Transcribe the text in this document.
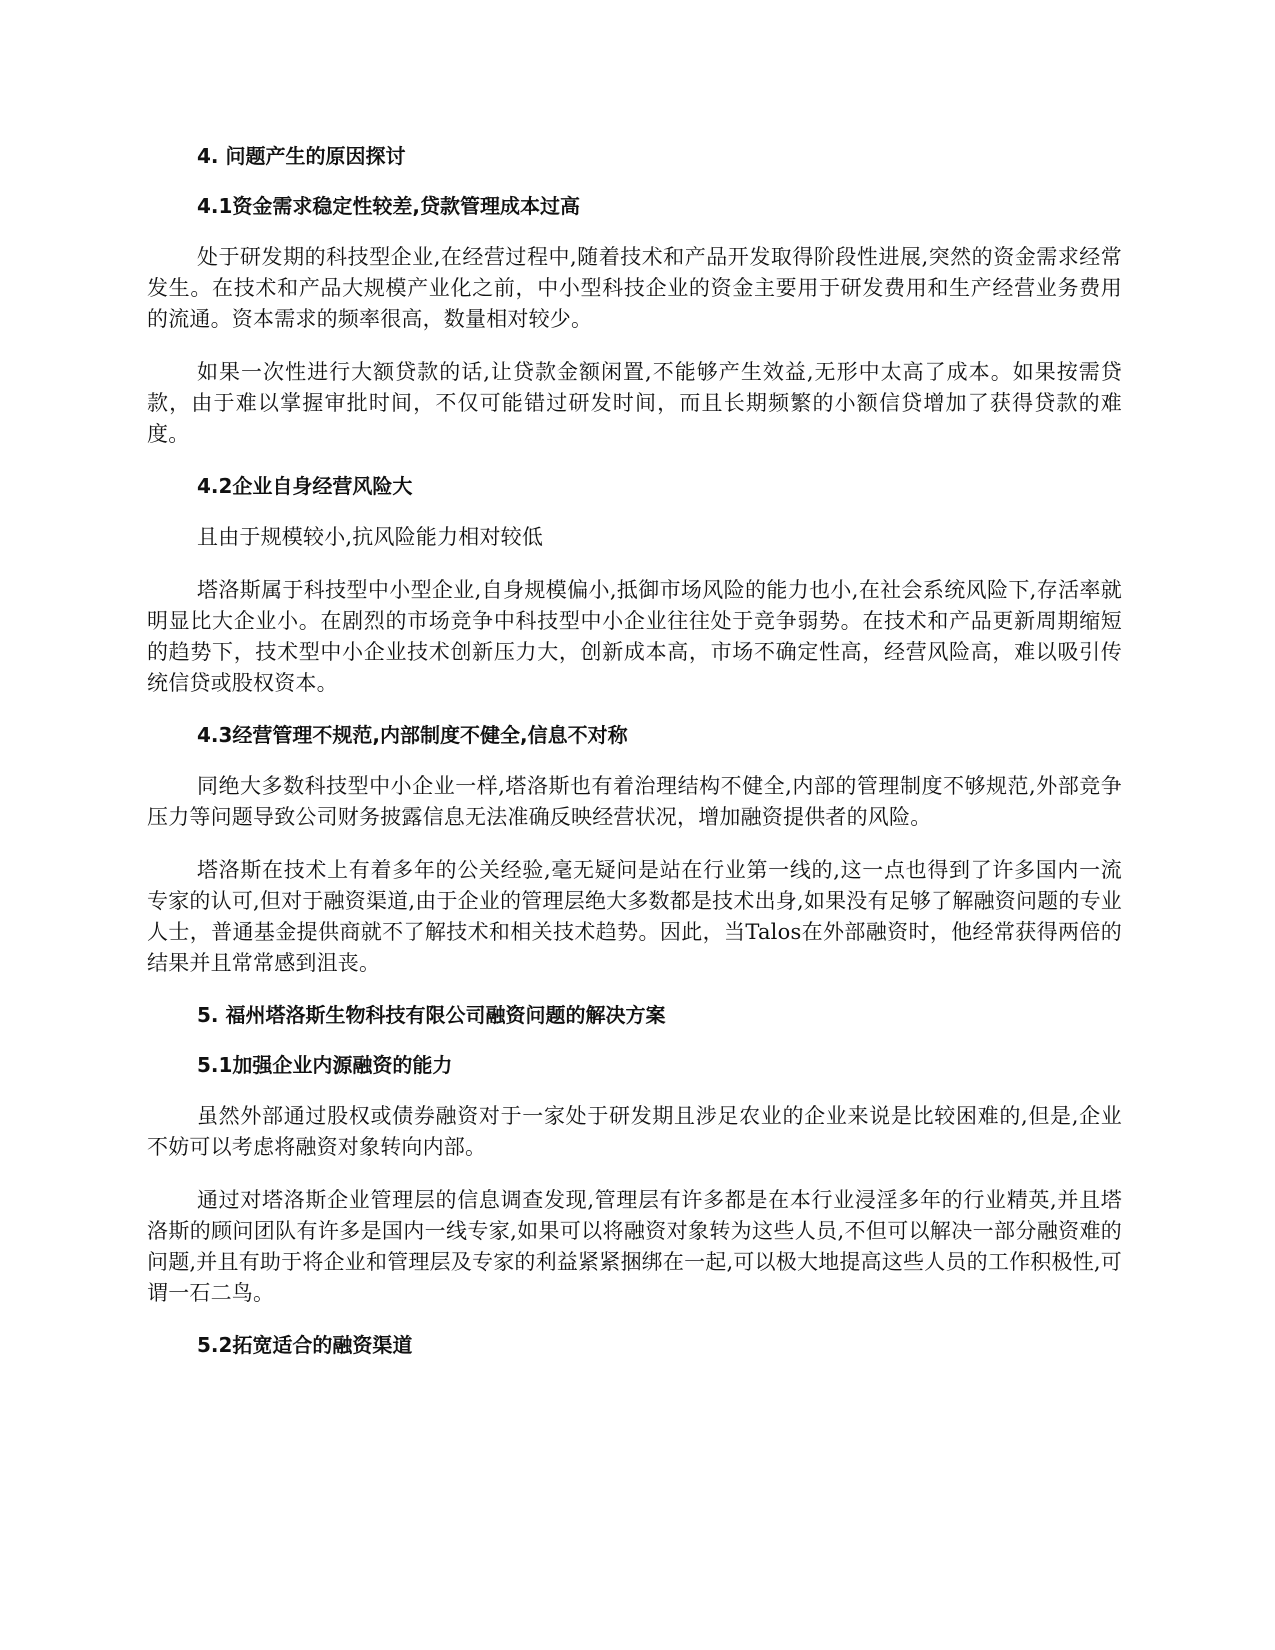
4. 问题产生的原因探讨
4.1资金需求稳定性较差,贷款管理成本过高

处于研发期的科技型企业,在经营过程中,随着技术和产品开发取得阶段性进展,突然的资金需求经常发生。在技术和产品大规模产业化之前，中小型科技企业的资金主要用于研发费用和生产经营业务费用的流通。资本需求的频率很高，数量相对较少。

如果一次性进行大额贷款的话,让贷款金额闲置,不能够产生效益,无形中太高了成本。如果按需贷款，由于难以掌握审批时间，不仅可能错过研发时间，而且长期频繁的小额信贷增加了获得贷款的难度。

4.2企业自身经营风险大

且由于规模较小,抗风险能力相对较低

塔洛斯属于科技型中小型企业,自身规模偏小,抵御市场风险的能力也小,在社会系统风险下,存活率就明显比大企业小。在剧烈的市场竞争中科技型中小企业往往处于竞争弱势。在技术和产品更新周期缩短的趋势下，技术型中小企业技术创新压力大，创新成本高，市场不确定性高，经营风险高，难以吸引传统信贷或股权资本。

4.3经营管理不规范,内部制度不健全,信息不对称

同绝大多数科技型中小企业一样,塔洛斯也有着治理结构不健全,内部的管理制度不够规范,外部竞争压力等问题导致公司财务披露信息无法准确反映经营状况，增加融资提供者的风险。

塔洛斯在技术上有着多年的公关经验,毫无疑问是站在行业第一线的,这一点也得到了许多国内一流专家的认可,但对于融资渠道,由于企业的管理层绝大多数都是技术出身,如果没有足够了解融资问题的专业人士，普通基金提供商就不了解技术和相关技术趋势。因此，当Talos在外部融资时，他经常获得两倍的结果并且常常感到沮丧。

5. 福州塔洛斯生物科技有限公司融资问题的解决方案
5.1加强企业内源融资的能力

虽然外部通过股权或债券融资对于一家处于研发期且涉足农业的企业来说是比较困难的,但是,企业不妨可以考虑将融资对象转向内部。

通过对塔洛斯企业管理层的信息调查发现,管理层有许多都是在本行业浸淫多年的行业精英,并且塔洛斯的顾问团队有许多是国内一线专家,如果可以将融资对象转为这些人员,不但可以解决一部分融资难的问题,并且有助于将企业和管理层及专家的利益紧紧捆绑在一起,可以极大地提高这些人员的工作积极性,可谓一石二鸟。

5.2拓宽适合的融资渠道
